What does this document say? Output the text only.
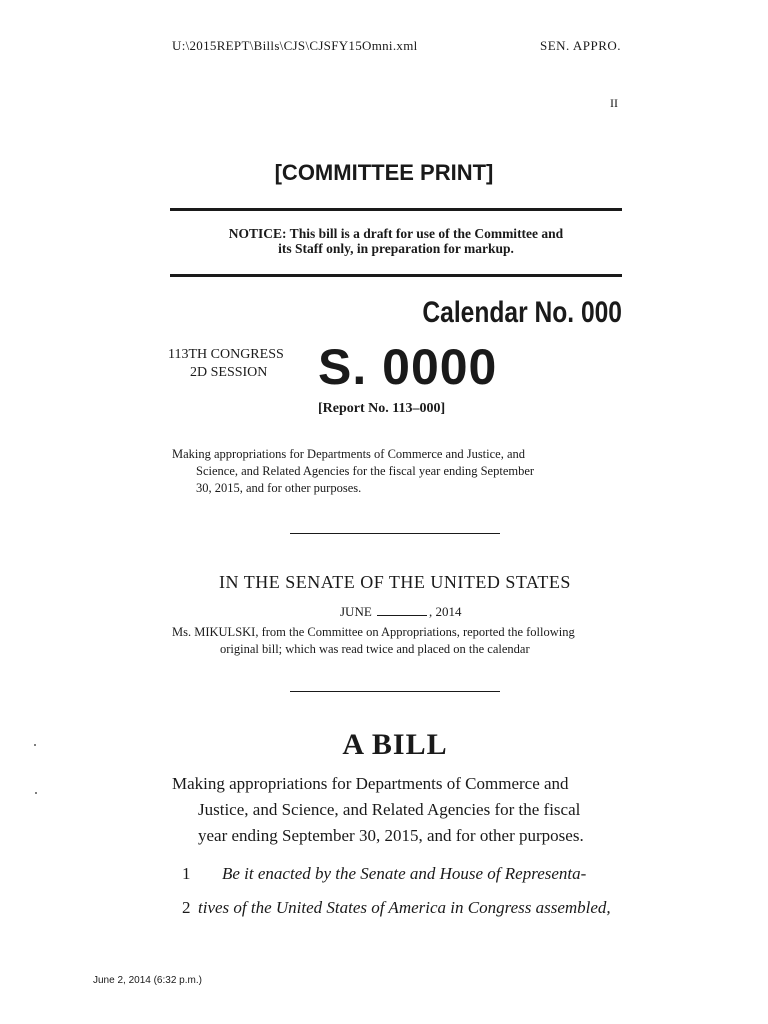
U:\2015REPT\Bills\CJS\CJSFY15Omni.xml	SEN. APPRO.
II
[COMMITTEE PRINT]
NOTICE: This bill is a draft for use of the Committee and
its Staff only, in preparation for markup.
Calendar No. 000
113TH CONGRESS
2D SESSION	S. 0000
[Report No. 113–000]
Making appropriations for Departments of Commerce and Justice, and
Science, and Related Agencies for the fiscal year ending September
30, 2015, and for other purposes.
IN THE SENATE OF THE UNITED STATES
JUNE	, 2014
Ms. MIKULSKI, from the Committee on Appropriations, reported the following
original bill; which was read twice and placed on the calendar
A BILL
Making appropriations for Departments of Commerce and
Justice, and Science, and Related Agencies for the fiscal
year ending September 30, 2015, and for other purposes.
1 Be it enacted by the Senate and House of Representa-
2 tives of the United States of America in Congress assembled,
June 2, 2014 (6:32 p.m.)
